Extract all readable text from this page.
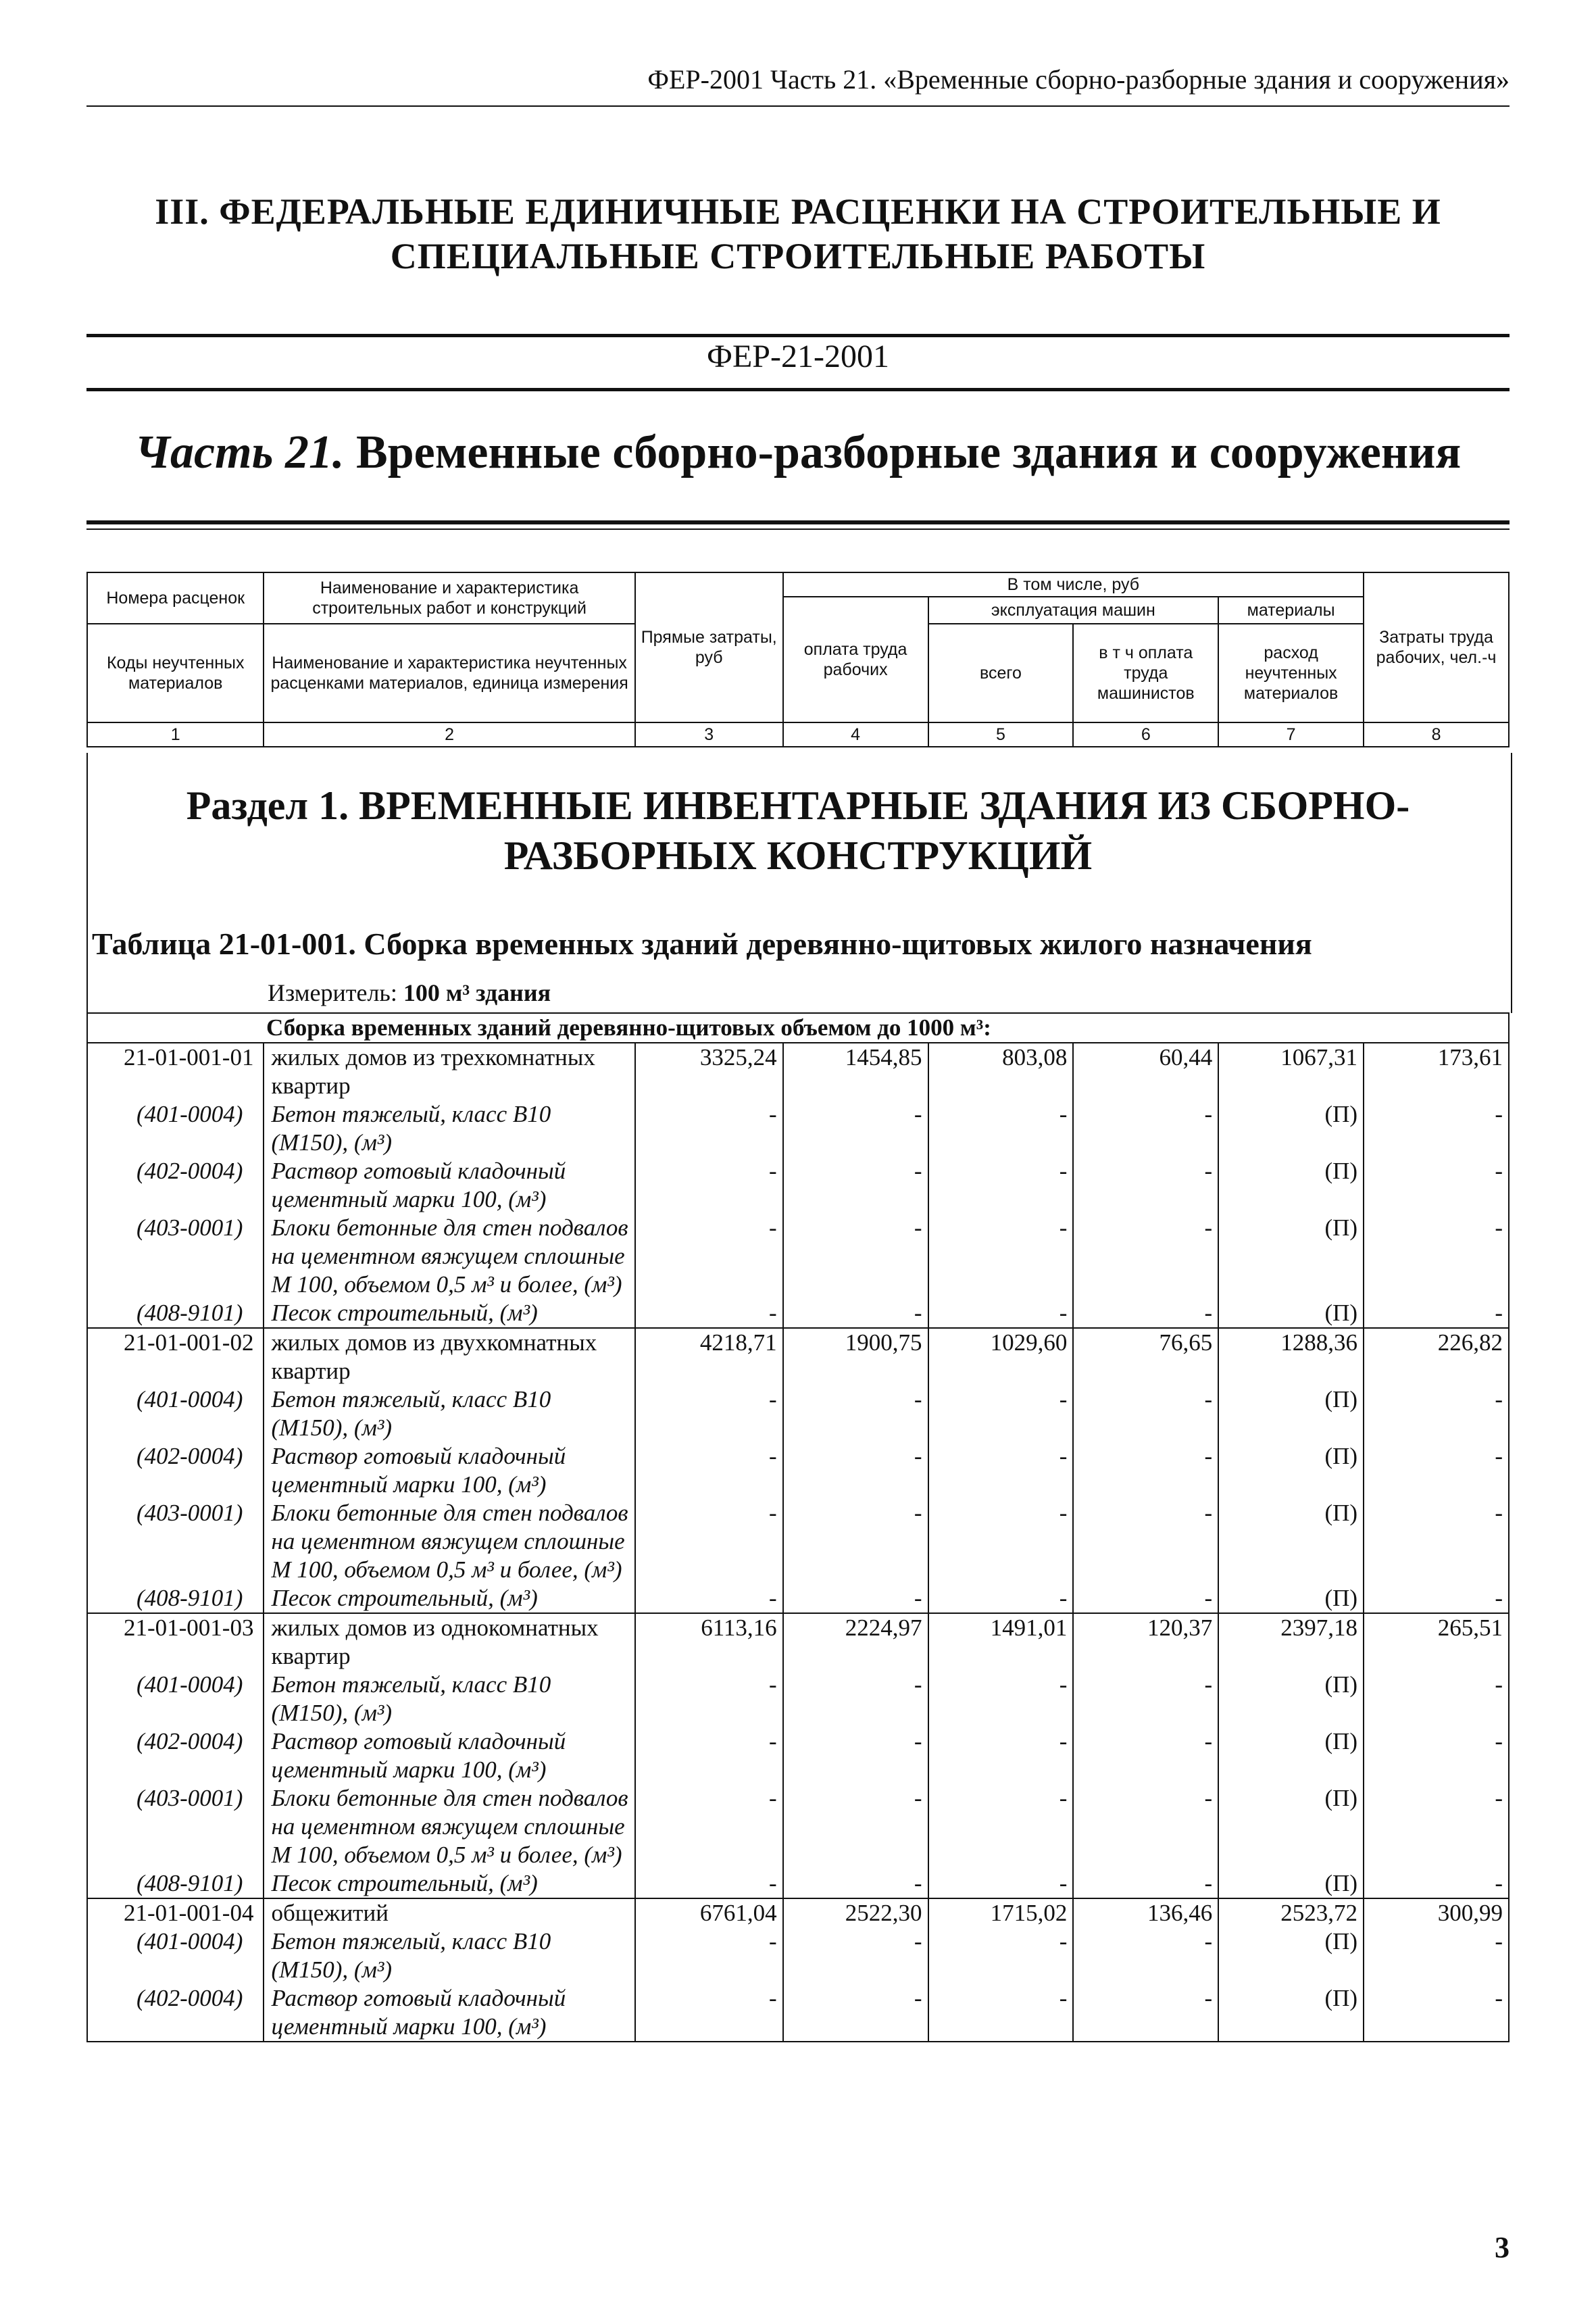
ФЕР-2001 Часть 21. «Временные сборно-разборные здания и сооружения»
III. ФЕДЕРАЛЬНЫЕ ЕДИНИЧНЫЕ РАСЦЕНКИ НА СТРОИТЕЛЬНЫЕ И
СПЕЦИАЛЬНЫЕ СТРОИТЕЛЬНЫЕ РАБОТЫ
ФЕР-21-2001
Часть 21. Временные сборно-разборные здания и сооружения
Номера расценок	Наименование и характеристика строительных работ и конструкций	Прямые затраты, руб	В том числе, руб				Затраты труда рабочих, чел.-ч
			оплата труда рабочих	эксплуатация машин		материалы	
Коды неучтенных материалов	Наименование и характеристика неучтенных расценками материалов, единица измерения			всего	в т ч оплата труда машинистов	расход неучтенных материалов	
1	2	3	4	5	6	7	8
Раздел 1. ВРЕМЕННЫЕ ИНВЕНТАРНЫЕ ЗДАНИЯ ИЗ СБОРНО-
РАЗБОРНЫХ КОНСТРУКЦИЙ
Таблица 21-01-001. Сборка временных зданий деревянно-щитовых жилого назначения
Измеритель: 100 м³ здания
Сборка временных зданий деревянно-щитовых объемом до 1000 м³:							
21-01-001-01	жилых домов из трехкомнатных квартир	3325,24	1454,85	803,08	60,44	1067,31	173,61
(401-0004)	Бетон тяжелый, класс B10 (M150), (м³)	-	-	-	-	(П)	-
(402-0004)	Раствор готовый кладочный цементный марки 100, (м³)	-	-	-	-	(П)	-
(403-0001)	Блоки бетонные для стен подвалов на цементном вяжущем сплошные М 100, объемом 0,5 м³ и более, (м³)	-	-	-	-	(П)	-
(408-9101)	Песок строительный, (м³)	-	-	-	-	(П)	-
21-01-001-02	жилых домов из двухкомнатных квартир	4218,71	1900,75	1029,60	76,65	1288,36	226,82
(401-0004)	Бетон тяжелый, класс B10 (M150), (м³)	-	-	-	-	(П)	-
(402-0004)	Раствор готовый кладочный цементный марки 100, (м³)	-	-	-	-	(П)	-
(403-0001)	Блоки бетонные для стен подвалов на цементном вяжущем сплошные М 100, объемом 0,5 м³ и более, (м³)	-	-	-	-	(П)	-
(408-9101)	Песок строительный, (м³)	-	-	-	-	(П)	-
21-01-001-03	жилых домов из однокомнатных квартир	6113,16	2224,97	1491,01	120,37	2397,18	265,51
(401-0004)	Бетон тяжелый, класс B10 (M150), (м³)	-	-	-	-	(П)	-
(402-0004)	Раствор готовый кладочный цементный марки 100, (м³)	-	-	-	-	(П)	-
(403-0001)	Блоки бетонные для стен подвалов на цементном вяжущем сплошные М 100, объемом 0,5 м³ и более, (м³)	-	-	-	-	(П)	-
(408-9101)	Песок строительный, (м³)	-	-	-	-	(П)	-
21-01-001-04	общежитий	6761,04	2522,30	1715,02	136,46	2523,72	300,99
(401-0004)	Бетон тяжелый, класс B10 (M150), (м³)	-	-	-	-	(П)	-
(402-0004)	Раствор готовый кладочный цементный марки 100, (м³)	-	-	-	-	(П)	-
3
